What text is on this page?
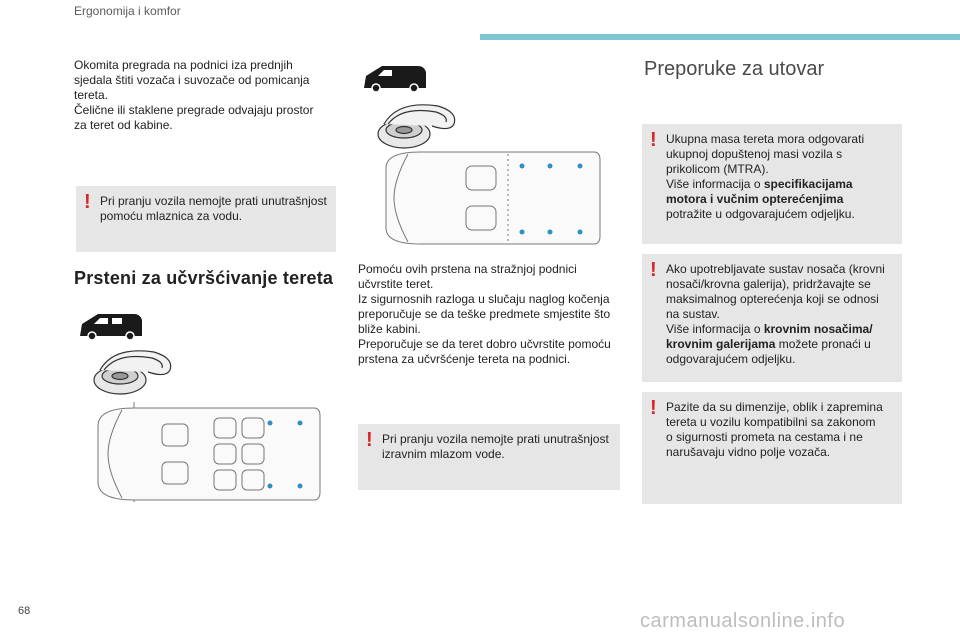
Ergonomija i komfor

Okomita pregrada na podnici iza prednjih

sjedala štiti vozača i suvozače od pomicanja

tereta.

Čelične ili staklene pregrade odvajaju prostor

za teret od kabine.

! Pri pranju vozila nemojte prati unutrašnjost

pomoću mlaznica za vodu.

Prsteni za učvršćivanje tereta Pomoću ovih prstena na stražnjoj podnici

učvrstite teret.

Iz sigurnosnih razloga u slučaju naglog kočenja

preporučuje se da teške predmete smjestite što

bliže kabini.

Preporučuje se da teret dobro učvrstite pomoću

prstena za učvršćenje tereta na podnici.

! Pri pranju vozila nemojte prati unutrašnjost

izravnim mlazom vode.

Preporuke za utovar
! Ukupna masa tereta mora odgovarati
ukupnoj dopuštenoj masi vozila s
prikolicom (MTRA).
Više informacija o specifikacijama
motora i vučnim opterećenjima
potražite u odgovarajućem odjeljku.
! Ako upotrebljavate sustav nosača (krovni
nosači/krovna galerija), pridržavajte se
maksimalnog opterećenja koji se odnosi
na sustav.
Više informacija o krovnim nosačima/
krovnim galerijama možete pronaći u
odgovarajućem odjeljku.
! Pazite da su dimenzije, oblik i zapremina
tereta u vozilu kompatibilni sa zakonom
o sigurnosti prometa na cestama i ne
narušavaju vidno polje vozača.
68	carmanualsonline.info
